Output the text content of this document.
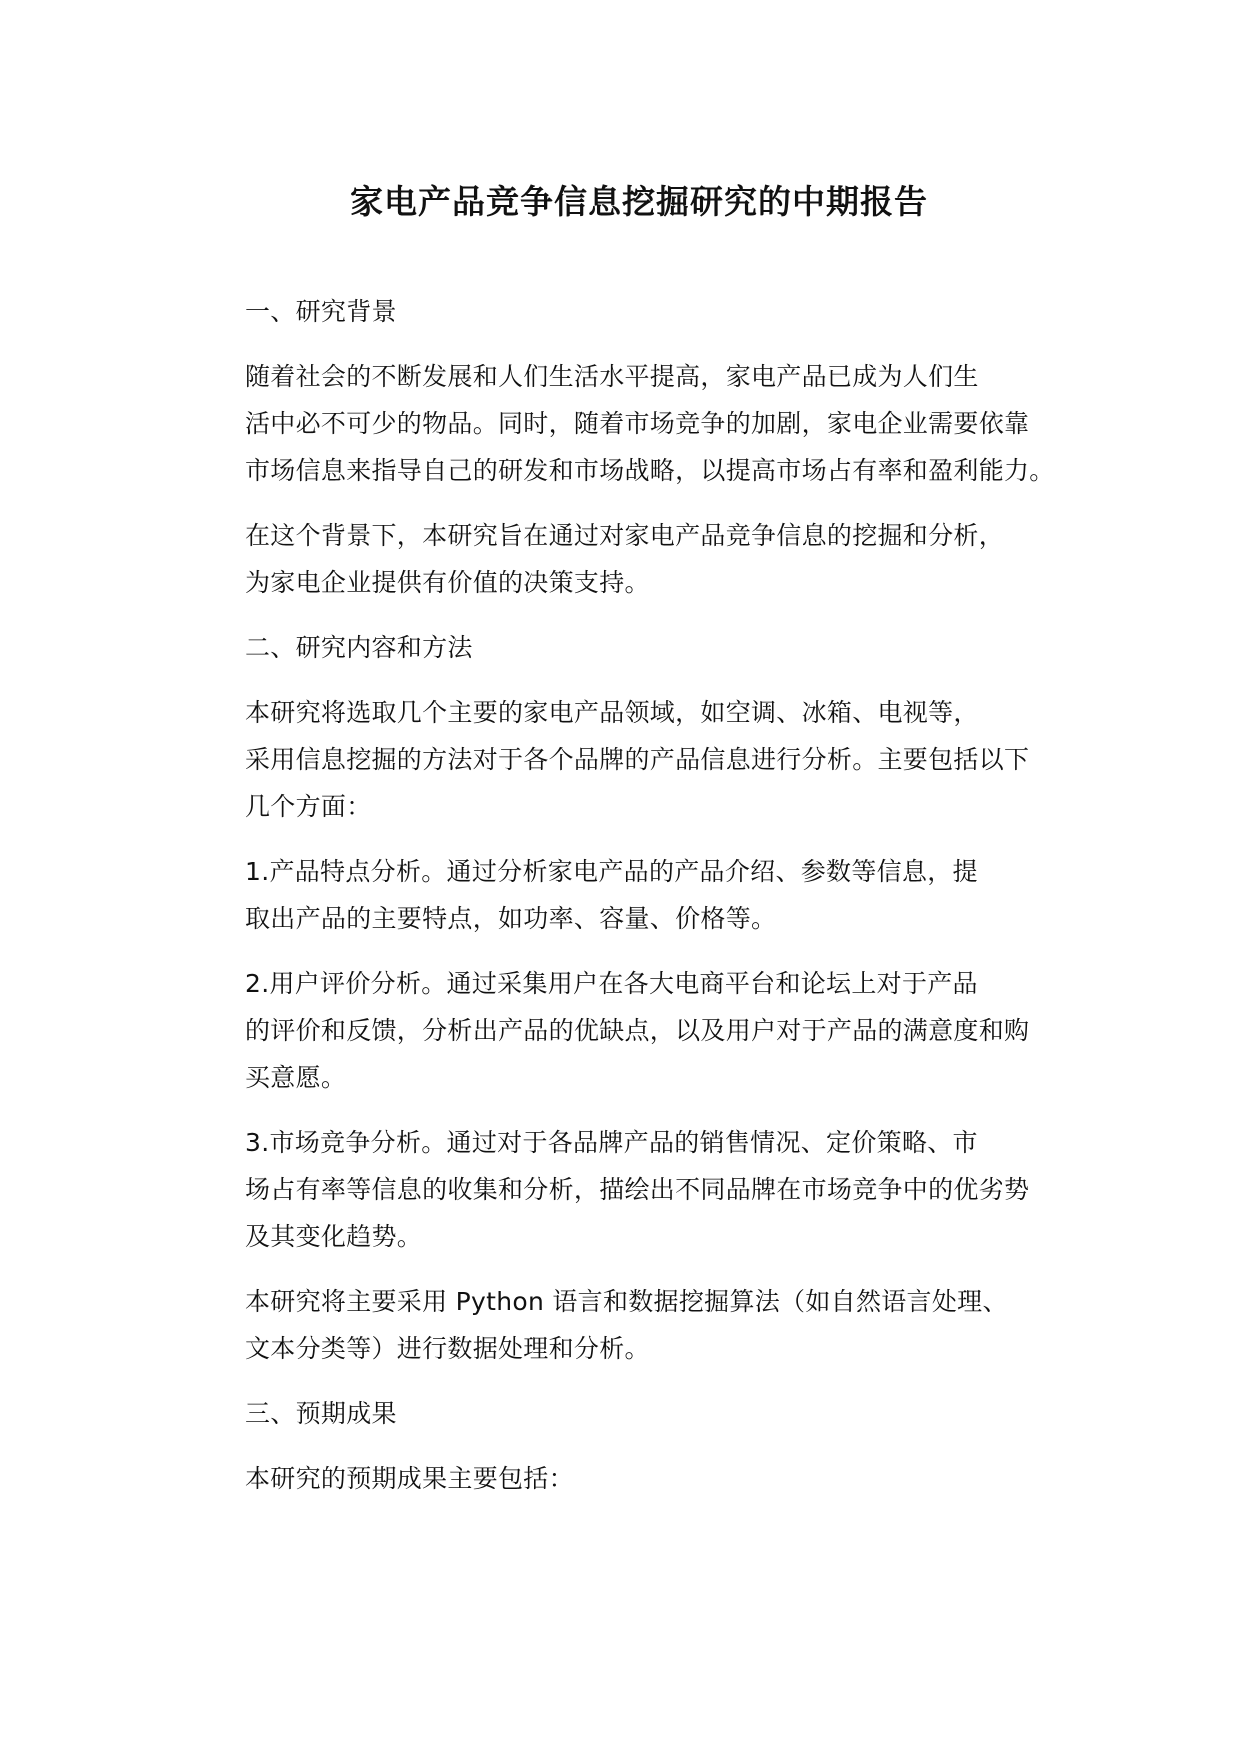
家电产品竞争信息挖掘研究的中期报告

一、研究背景

随着社会的不断发展和人们生活水平提高，家电产品已成为人们生

活中必不可少的物品。同时，随着市场竞争的加剧，家电企业需要依靠
市场信息来指导自己的研发和市场战略，以提高市场占有率和盈利能力。

在这个背景下，本研究旨在通过对家电产品竞争信息的挖掘和分析，

为家电企业提供有价值的决策支持。

二、研究内容和方法

本研究将选取几个主要的家电产品领域，如空调、冰箱、电视等，

采用信息挖掘的方法对于各个品牌的产品信息进行分析。主要包括以下
几个方面：

1.产品特点分析。通过分析家电产品的产品介绍、参数等信息，提

取出产品的主要特点，如功率、容量、价格等。

2.用户评价分析。通过采集用户在各大电商平台和论坛上对于产品

的评价和反馈，分析出产品的优缺点，以及用户对于产品的满意度和购
买意愿。

3.市场竞争分析。通过对于各品牌产品的销售情况、定价策略、市

场占有率等信息的收集和分析，描绘出不同品牌在市场竞争中的优劣势
及其变化趋势。

本研究将主要采用 Python 语言和数据挖掘算法（如自然语言处理、

文本分类等）进行数据处理和分析。

三、预期成果

本研究的预期成果主要包括：
